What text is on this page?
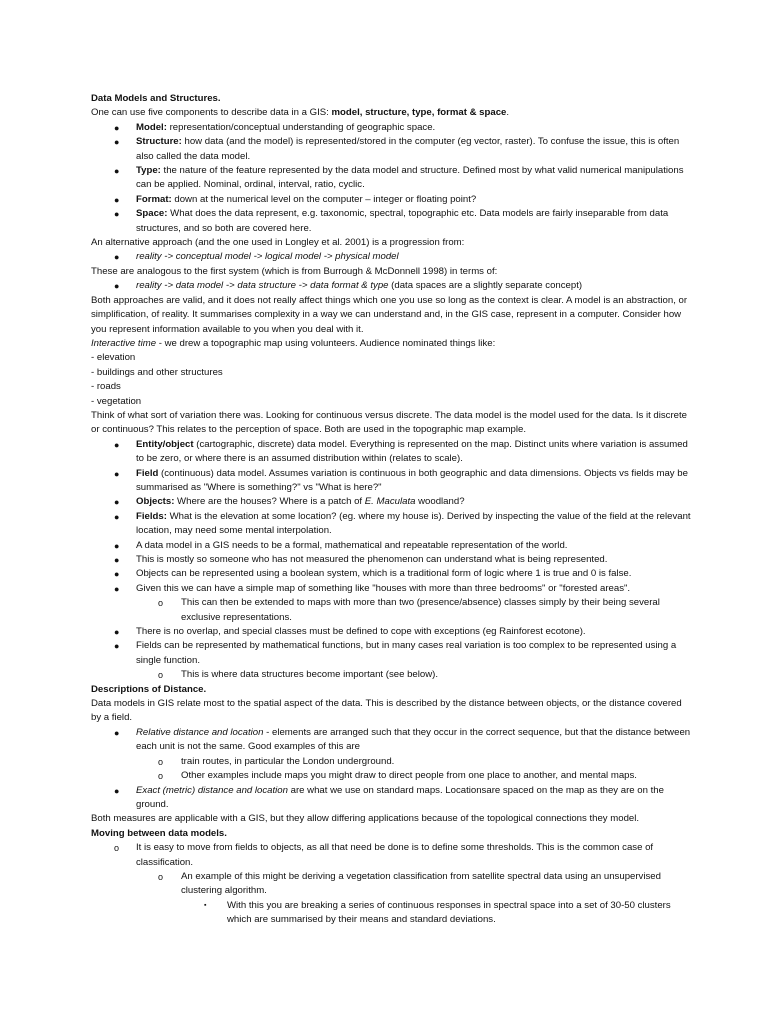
Data Models and Structures.

One can use five components to describe data in a GIS: model, structure, type, format & space.

● Model: representation/conceptual understanding of geographic space.
● Structure: how data (and the model) is represented/stored in the computer (eg vector, raster). To confuse the issue, this is often also called the data model.
● Type: the nature of the feature represented by the data model and structure. Defined most by what valid numerical manipulations can be applied. Nominal, ordinal, interval, ratio, cyclic.
● Format: down at the numerical level on the computer – integer or floating point?
● Space: What does the data represent, e.g. taxonomic, spectral, topographic etc. Data models are fairly inseparable from data structures, and so both are covered here.

An alternative approach (and the one used in Longley et al. 2001) is a progression from:

● reality -> conceptual model -> logical model -> physical model

These are analogous to the first system (which is from Burrough & McDonnell 1998) in terms of:

● reality -> data model -> data structure -> data format & type (data spaces are a slightly separate concept)

Both approaches are valid, and it does not really affect things which one you use so long as the context is clear. A model is an abstraction, or simplification, of reality. It summarises complexity in a way we can understand and, in the GIS case, represent in a computer. Consider how you represent information available to you when you deal with it.

Interactive time - we drew a topographic map using volunteers. Audience nominated things like:

- elevation

- buildings and other structures

- roads

- vegetation

Think of what sort of variation there was. Looking for continuous versus discrete. The data model is the model used for the data. Is it discrete or continuous? This relates to the perception of space. Both are used in the topographic map example.

● Entity/object (cartographic, discrete) data model. Everything is represented on the map. Distinct units where variation is assumed to be zero, or where there is an assumed distribution within (relates to scale).
● Field (continuous) data model. Assumes variation is continuous in both geographic and data dimensions. Objects vs fields may be summarised as "Where is something?" vs "What is here?"
● Objects: Where are the houses? Where is a patch of E. Maculata woodland?
● Fields: What is the elevation at some location? (eg. where my house is). Derived by inspecting the value of the field at the relevant location, may need some mental interpolation.
● A data model in a GIS needs to be a formal, mathematical and repeatable representation of the world.
● This is mostly so someone who has not measured the phenomenon can understand what is being represented.
● Objects can be represented using a boolean system, which is a traditional form of logic where 1 is true and 0 is false.
● Given this we can have a simple map of something like "houses with more than three bedrooms" or "forested areas".
o This can then be extended to maps with more than two (presence/absence) classes simply by their being several exclusive representations.
● There is no overlap, and special classes must be defined to cope with exceptions (eg Rainforest ecotone).
● Fields can be represented by mathematical functions, but in many cases real variation is too complex to be represented using a single function.
o This is where data structures become important (see below).

Descriptions of Distance.

Data models in GIS relate most to the spatial aspect of the data. This is described by the distance between objects, or the distance covered by a field.

● Relative distance and location - elements are arranged such that they occur in the correct sequence, but that the distance between each unit is not the same. Good examples of this are
o train routes, in particular the London underground.
o Other examples include maps you might draw to direct people from one place to another, and mental maps.
● Exact (metric) distance and location are what we use on standard maps. Locationsare spaced on the map as they are on the ground.

Both measures are applicable with a GIS, but they allow differing applications because of the topological connections they model.

Moving between data models.

o It is easy to move from fields to objects, as all that need be done is to define some thresholds. This is the common case of classification.
o An example of this might be deriving a vegetation classification from satellite spectral data using an unsupervised clustering algorithm.
▪ With this you are breaking a series of continuous responses in spectral space into a set of 30-50 clusters which are summarised by their means and standard deviations.
